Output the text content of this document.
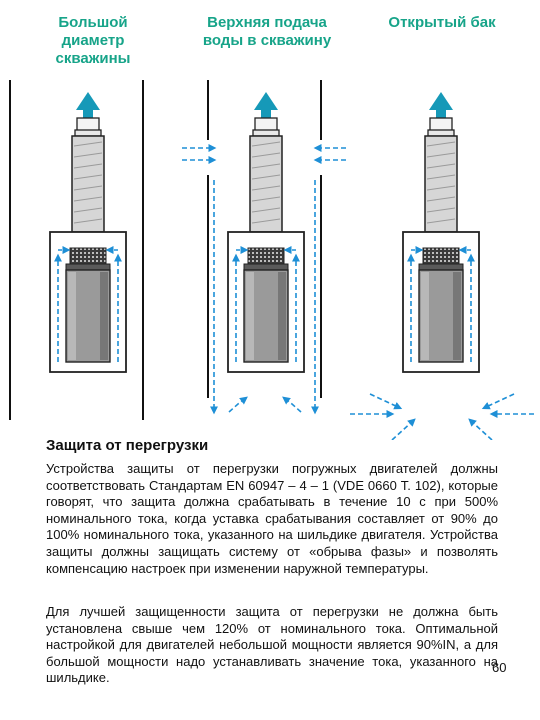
Большой диаметр скважины
Верхняя подача воды в скважину
Открытый бак
Защита от перегрузки

Устройства защиты от перегрузки погружных двигателей должны соответствовать Стандартам EN 60947 – 4 – 1 (VDE 0660 Т. 102), которые говорят, что защита должна срабатывать в течение 10 с при 500% номинального тока, когда уставка срабатывания составляет от 90% до 100% номинального тока, указанного на шильдике двигателя. Устройства защиты должны защищать систему от «обрыва фазы» и позволять компенсацию настроек при изменении наружной температуры.

Для лучшей защищенности защита от перегрузки не должна быть установлена свыше чем 120% от номинального тока. Оптимальной настройкой для двигателей небольшой мощности является 90%IN, а для большой мощности надо устанавливать значение тока, указанного на шильдике.

60
